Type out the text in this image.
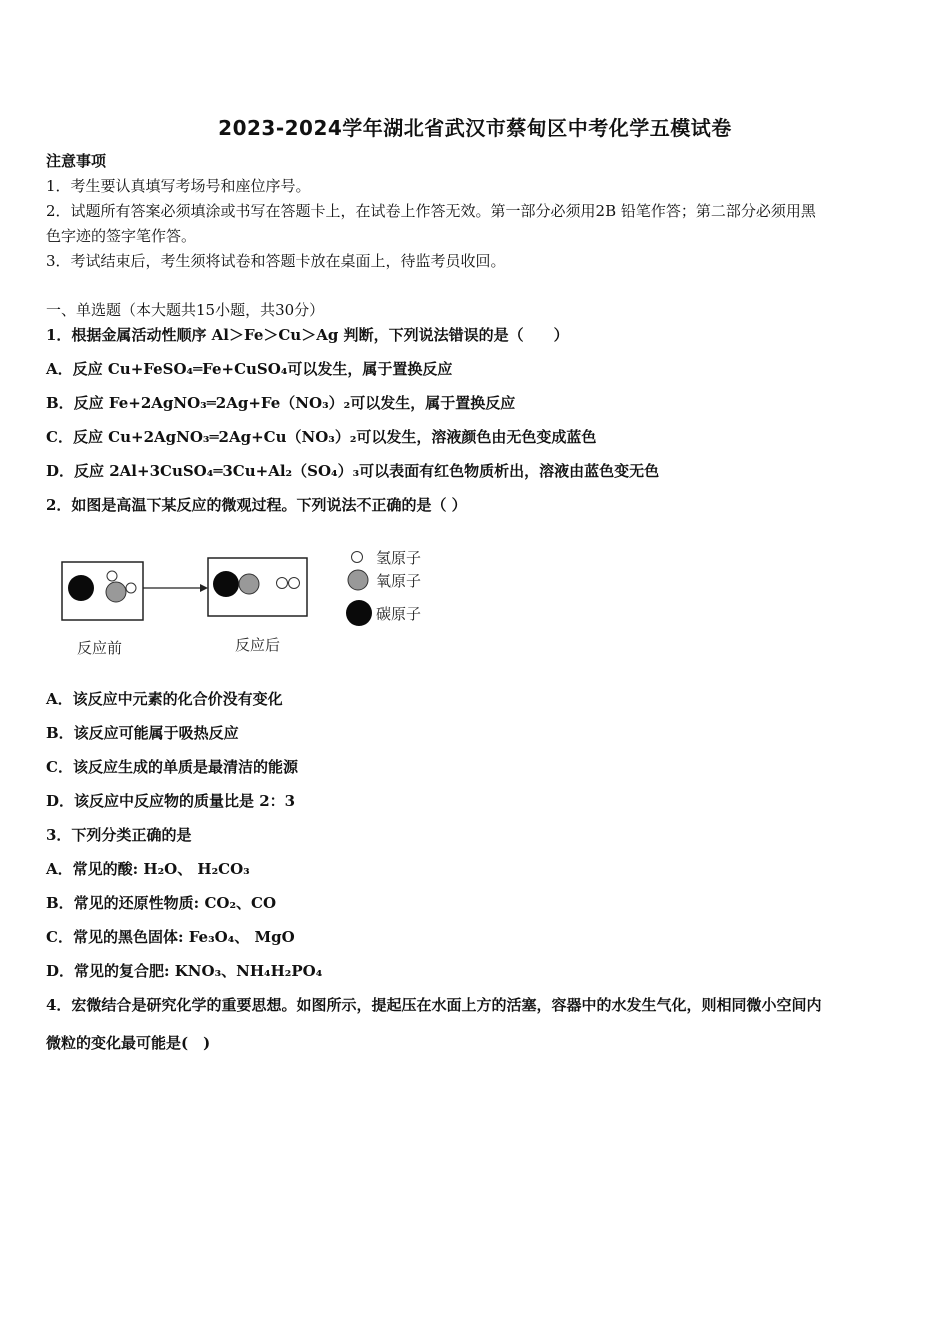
2023-2024学年湖北省武汉市蔡甸区中考化学五模试卷
注意事项
1．考生要认真填写考场号和座位序号。
2．试题所有答案必须填涂或书写在答题卡上，在试卷上作答无效。第一部分必须用2B 铅笔作答；第二部分必须用黑
色字迹的签字笔作答。
3．考试结束后，考生须将试卷和答题卡放在桌面上，待监考员收回。
一、单选题（本大题共15小题，共30分）
1．根据金属活动性顺序 Al＞Fe＞Cu＞Ag 判断，下列说法错误的是（　　）
A．反应 Cu+FeSO₄═Fe+CuSO₄可以发生，属于置换反应
B．反应 Fe+2AgNO₃═2Ag+Fe（NO₃）₂可以发生，属于置换反应
C．反应 Cu+2AgNO₃═2Ag+Cu（NO₃）₂可以发生，溶液颜色由无色变成蓝色
D．反应 2Al+3CuSO₄═3Cu+Al₂（SO₄）₃可以表面有红色物质析出，溶液由蓝色变无色
2．如图是高温下某反应的微观过程。下列说法不正确的是（ ）
反应前	反应后
氢原子
氧原子
碳原子
A．该反应中元素的化合价没有变化
B．该反应可能属于吸热反应
C．该反应生成的单质是最清洁的能源
D．该反应中反应物的质量比是 2：3
3．下列分类正确的是
A．常见的酸: H₂O、 H₂CO₃
B．常见的还原性物质: CO₂、CO
C．常见的黑色固体: Fe₃O₄、 MgO
D．常见的复合肥: KNO₃、NH₄H₂PO₄
4．宏微结合是研究化学的重要思想。如图所示，提起压在水面上方的活塞，容器中的水发生气化，则相同微小空间内
微粒的变化最可能是(　)
